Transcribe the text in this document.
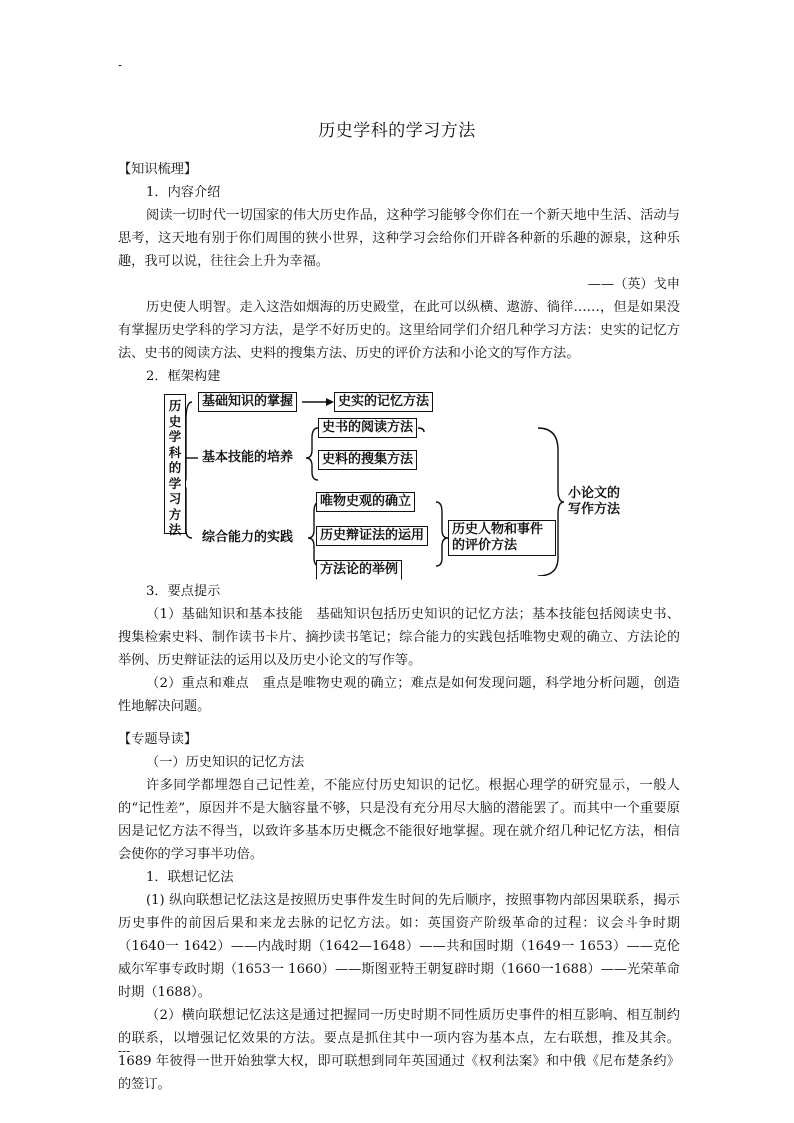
-
历史学科的学习方法

【知识梳理】

1．内容介绍

阅读一切时代一切国家的伟大历史作品，这种学习能够令你们在一个新天地中生活、活动与思考，这天地有别于你们周围的狭小世界，这种学习会给你们开辟各种新的乐趣的源泉，这种乐趣，我可以说，往往会上升为幸福。

——（英）戈申

历史使人明智。走入这浩如烟海的历史殿堂，在此可以纵横、遨游、徜徉……，但是如果没有掌握历史学科的学习方法，是学不好历史的。这里给同学们介绍几种学习方法：史实的记忆方法、史书的阅读方法、史料的搜集方法、历史的评价方法和小论文的写作方法。

2．框架构建

历史学科的学习方法
基础知识的掌握	史实的记忆方法
基本技能的培养
史书的阅读方法
史料的搜集方法
综合能力的实践
唯物史观的确立
历史辩证法的运用
方法论的举例
历史人物和事件的评价方法
小论文的写作方法

3．要点提示

（1）基础知识和基本技能　基础知识包括历史知识的记忆方法；基本技能包括阅读史书、搜集检索史料、制作读书卡片、摘抄读书笔记；综合能力的实践包括唯物史观的确立、方法论的举例、历史辩证法的运用以及历史小论文的写作等。

（2）重点和难点　重点是唯物史观的确立；难点是如何发现问题，科学地分析问题，创造性地解决问题。

【专题导读】

（一）历史知识的记忆方法

许多同学都埋怨自己记性差，不能应付历史知识的记忆。根据心理学的研究显示，一般人的“记性差”，原因并不是大脑容量不够，只是没有充分用尽大脑的潜能罢了。而其中一个重要原因是记忆方法不得当，以致许多基本历史概念不能很好地掌握。现在就介绍几种记忆方法，相信会使你的学习事半功倍。

1．联想记忆法

(1) 纵向联想记忆法这是按照历史事件发生时间的先后顺序，按照事物内部因果联系，揭示历史事件的前因后果和来龙去脉的记忆方法。如：英国资产阶级革命的过程：议会斗争时期（1640一 1642）——内战时期（1642—1648）——共和国时期（1649一 1653）——克伦威尔军事专政时期（1653一 1660）——斯图亚特王朝复辟时期（1660一1688）——光荣革命时期（1688）。

（2）横向联想记忆法这是通过把握同一历史时期不同性质历史事件的相互影响、相互制约的联系，以增强记忆效果的方法。要点是抓住其中一项内容为基本点，左右联想，推及其余。1689 年彼得一世开始独掌大权，即可联想到同年英国通过《权利法案》和中俄《尼布楚条约》的签订。

---
